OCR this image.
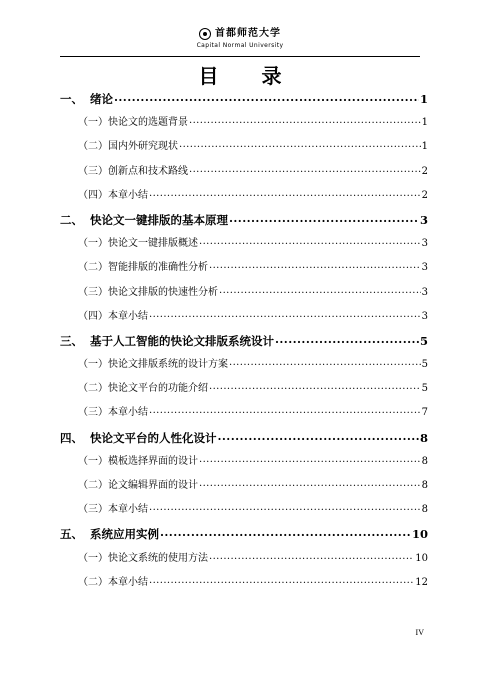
首都师范大学
Capital Normal University
目 录
一、 绪论 .....	1
（一） 快论文的选题背景 .....	1
（二） 国内外研究现状 .....	1
（三） 创新点和技术路线 .....	2
（四） 本章小结 .....	2
二、 快论文一键排版的基本原理 .....	3
（一） 快论文一键排版概述 .....	3
（二） 智能排版的准确性分析 .....	3
（三） 快论文排版的快速性分析 .....	3
（四） 本章小结 .....	3
三、 基于人工智能的快论文排版系统设计 .....	5
（一） 快论文排版系统的设计方案 .....	5
（二） 快论文平台的功能介绍 .....	5
（三） 本章小结 .....	7
四、 快论文平台的人性化设计 .....	8
（一） 模板选择界面的设计 .....	8
（二） 论文编辑界面的设计 .....	8
（三） 本章小结 .....	8
五、 系统应用实例 .....	10
（一） 快论文系统的使用方法 .....	10
（二） 本章小结 .....	12
IV
